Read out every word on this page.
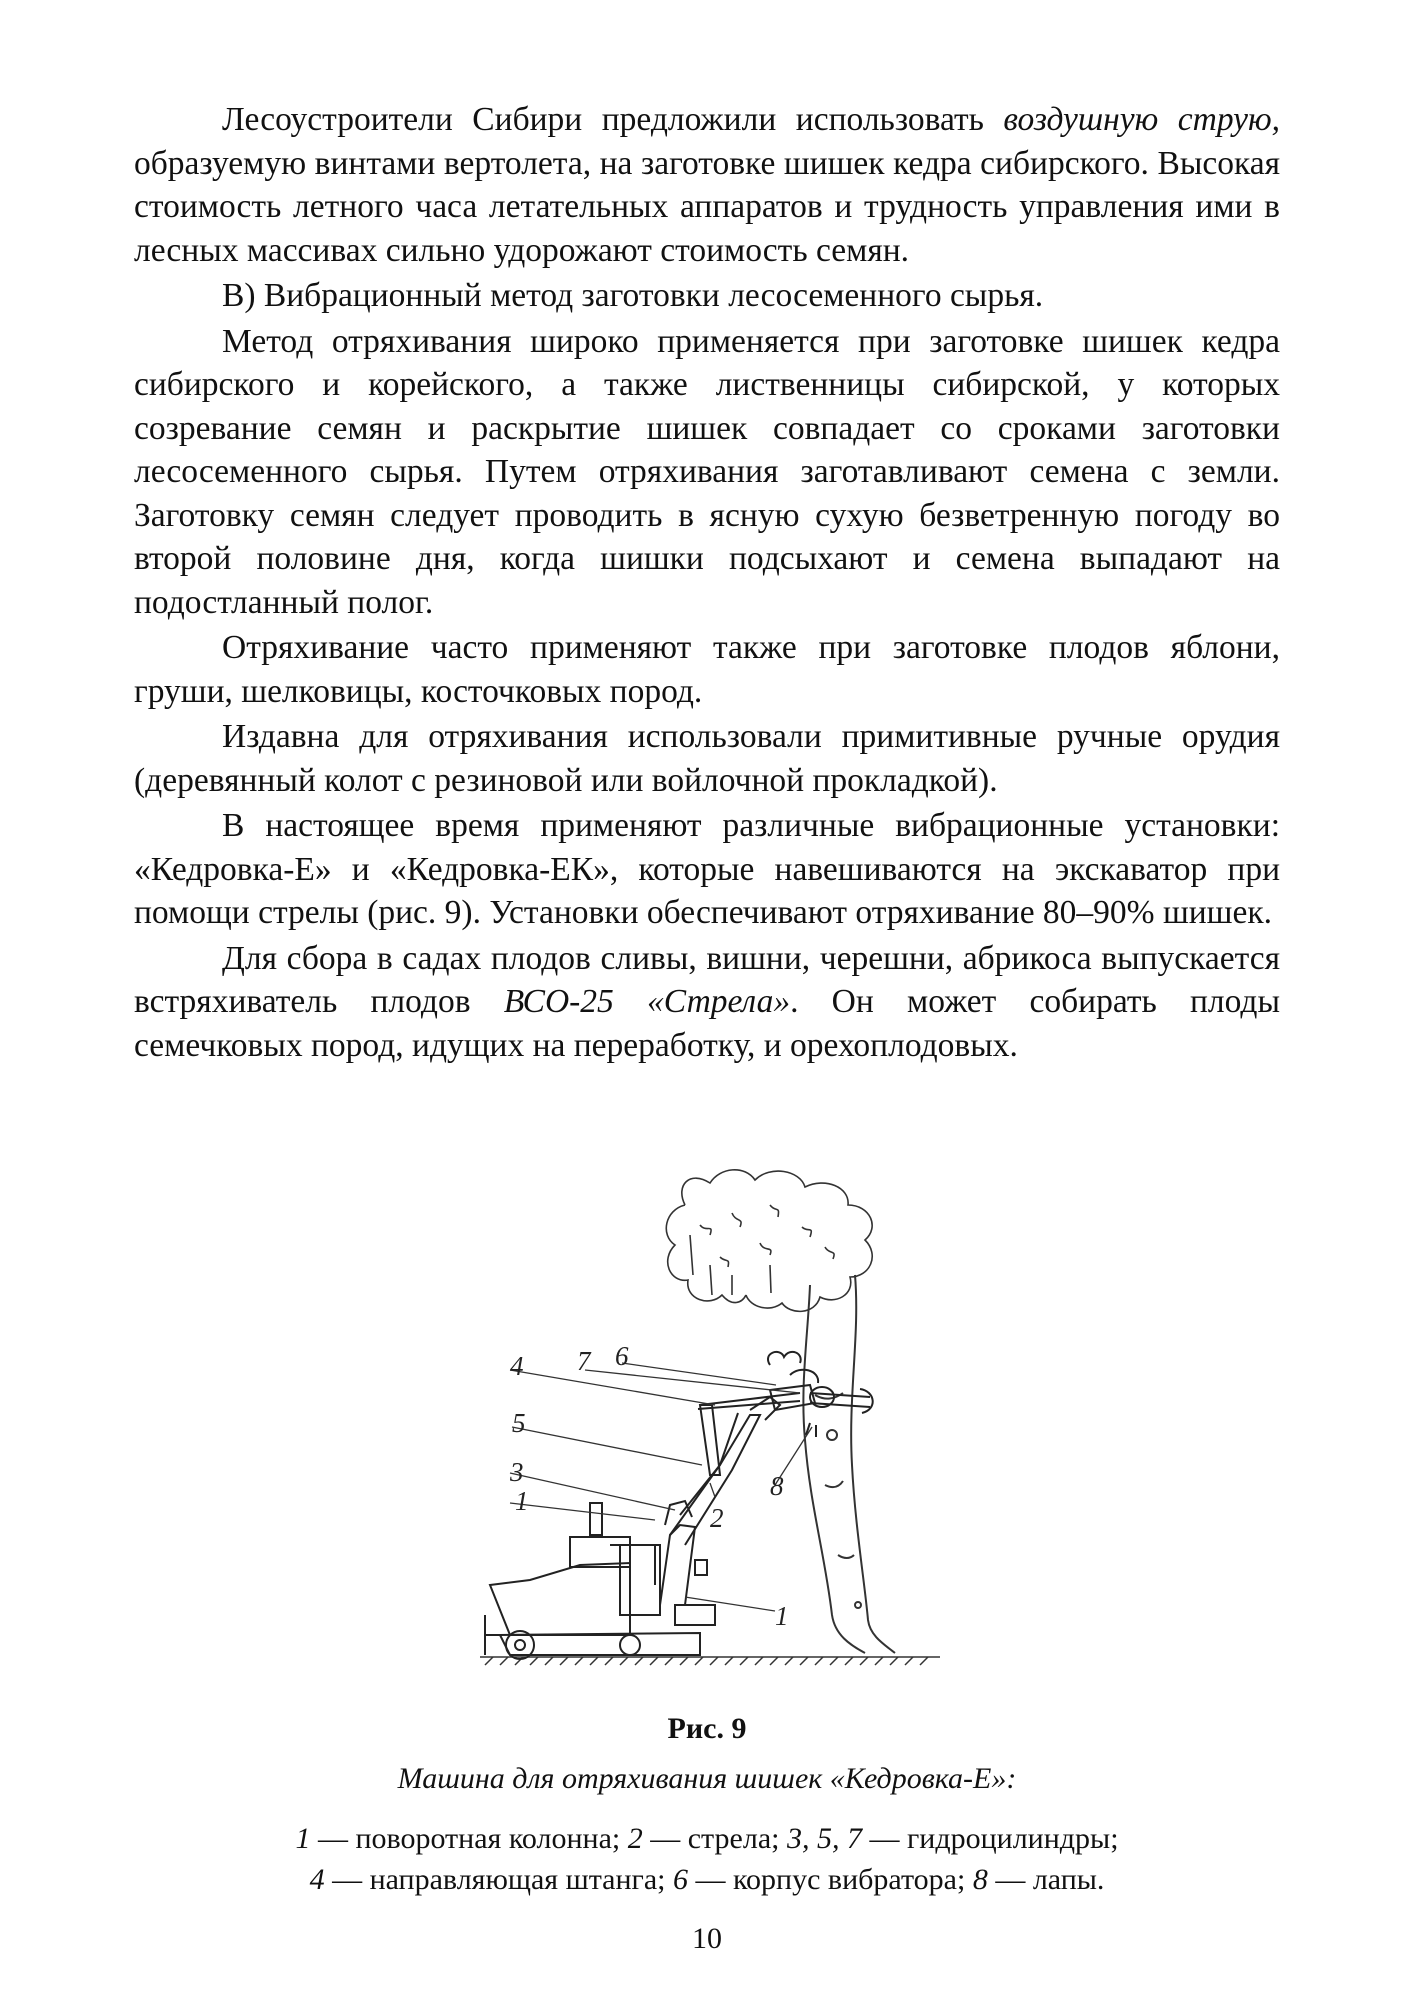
Лесоустроители Сибири предложили использовать воздушную струю, образуемую винтами вертолета, на заготовке шишек кедра сибирского. Высокая стоимость летного часа летательных аппаратов и трудность управления ими в лесных массивах сильно удорожают стоимость семян.

В) Вибрационный метод заготовки лесосеменного сырья.

Метод отряхивания широко применяется при заготовке шишек кедра сибирского и корейского, а также лиственницы сибирской, у которых созревание семян и раскрытие шишек совпадает со сроками заготовки лесосеменного сырья. Путем отряхивания заготавливают семена с земли. Заготовку семян следует проводить в ясную сухую безветренную погоду во второй половине дня, когда шишки подсыхают и семена выпадают на подостланный полог.

Отряхивание часто применяют также при заготовке плодов яблони, груши, шелковицы, косточковых пород.

Издавна для отряхивания использовали примитивные ручные орудия (деревянный колот с резиновой или войлочной прокладкой).

В настоящее время применяют различные вибрационные установки: «Кедровка-Е» и «Кедровка-ЕК», которые навешиваются на экскаватор при помощи стрелы (рис. 9). Установки обеспечивают отряхивание 80–90% шишек.

Для сбора в садах плодов сливы, вишни, черешни, абрикоса выпускается встряхиватель плодов ВСО-25 «Стрела». Он может собирать плоды семечковых пород, идущих на переработку, и орехоплодовых.

4 7 6
5
3
1
2
8
1
Рис. 9
Машина для отряхивания шишек «Кедровка-Е»:
1 — поворотная колонна; 2 — стрела; 3, 5, 7 — гидроцилиндры;
4 — направляющая штанга; 6 — корпус вибратора; 8 — лапы.
10
